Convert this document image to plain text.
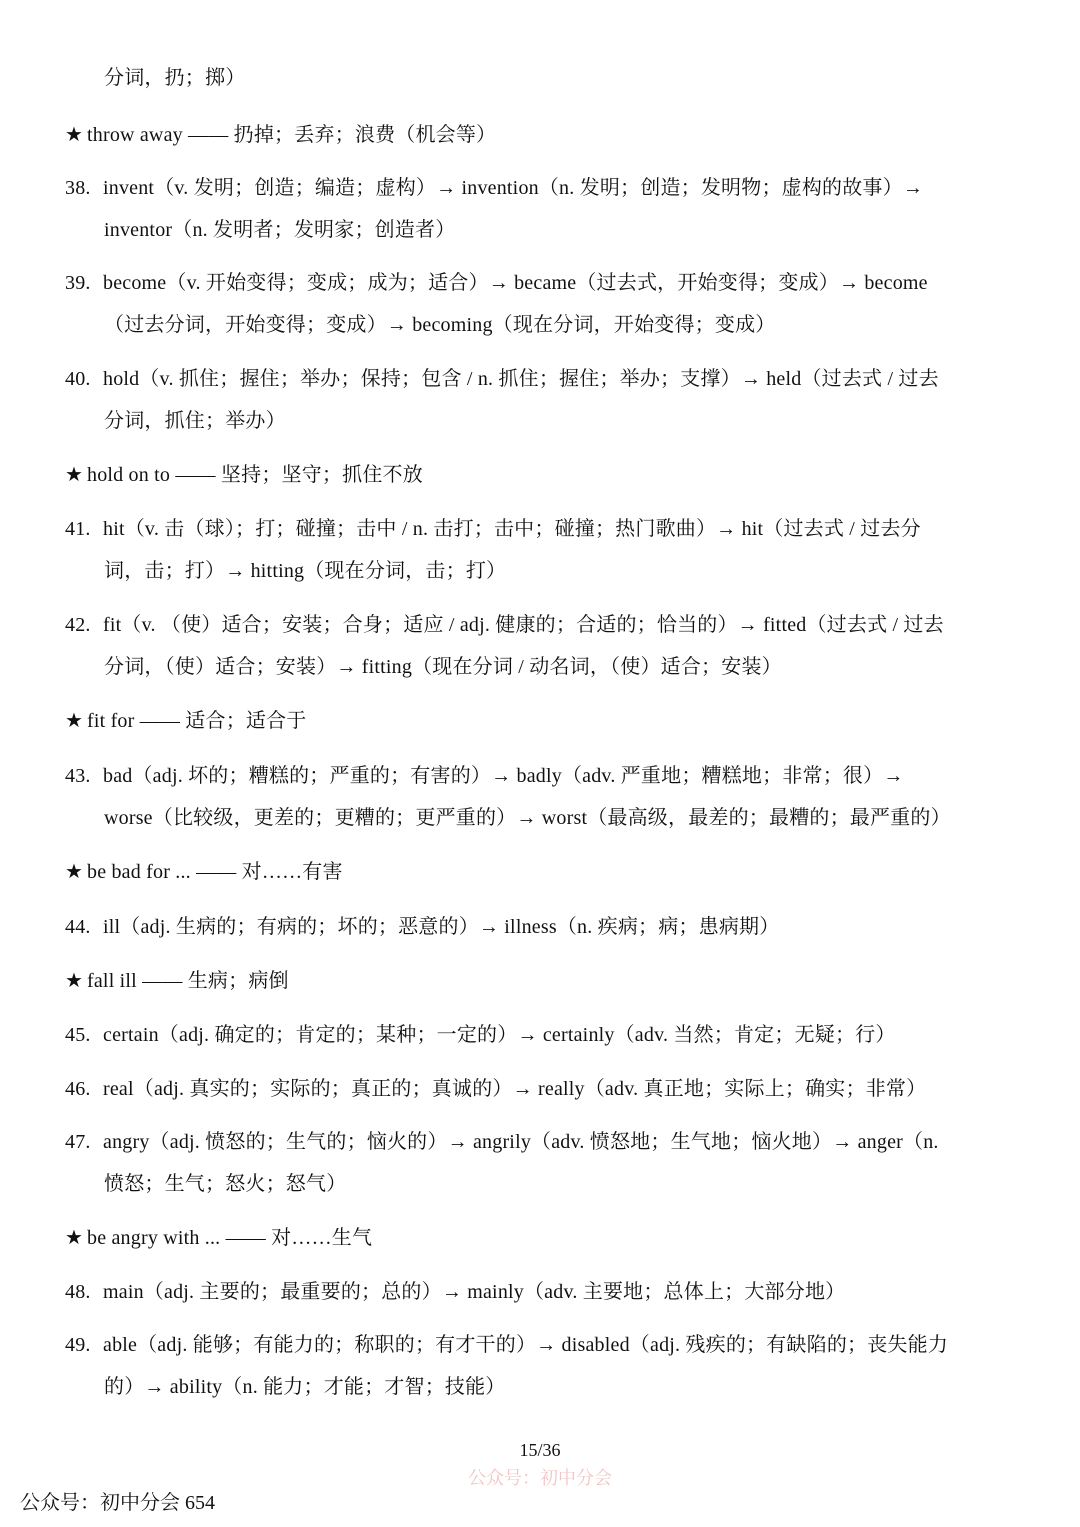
分词，扔；掷）
★ throw away —— 扔掉；丢弃；浪费（机会等）
38. invent（v. 发明；创造；编造；虚构）→ invention（n. 发明；创造；发明物；虚构的故事）→
inventor（n. 发明者；发明家；创造者）
39. become（v. 开始变得；变成；成为；适合）→ became（过去式，开始变得；变成）→ become
（过去分词，开始变得；变成）→ becoming（现在分词，开始变得；变成）
40. hold（v. 抓住；握住；举办；保持；包含 / n. 抓住；握住；举办；支撑）→ held（过去式 / 过去
分词，抓住；举办）
★ hold on to —— 坚持；坚守；抓住不放
41. hit（v. 击（球）；打；碰撞；击中 / n. 击打；击中；碰撞；热门歌曲）→ hit（过去式 / 过去分
词，击；打）→ hitting（现在分词，击；打）
42. fit（v. （使）适合；安装；合身；适应 / adj. 健康的；合适的；恰当的）→ fitted（过去式 / 过去
分词，（使）适合；安装）→ fitting（现在分词 / 动名词，（使）适合；安装）
★ fit for —— 适合；适合于
43. bad（adj. 坏的；糟糕的；严重的；有害的）→ badly（adv. 严重地；糟糕地；非常；很）→
worse（比较级，更差的；更糟的；更严重的）→ worst（最高级，最差的；最糟的；最严重的）
★ be bad for ... —— 对……有害
44. ill（adj. 生病的；有病的；坏的；恶意的）→ illness（n. 疾病；病；患病期）
★ fall ill —— 生病；病倒
45. certain（adj. 确定的；肯定的；某种；一定的）→ certainly（adv. 当然；肯定；无疑；行）
46. real（adj. 真实的；实际的；真正的；真诚的）→ really（adv. 真正地；实际上；确实；非常）
47. angry（adj. 愤怒的；生气的；恼火的）→ angrily（adv. 愤怒地；生气地；恼火地）→ anger（n.
愤怒；生气；怒火；怒气）
★ be angry with ... —— 对……生气
48. main（adj. 主要的；最重要的；总的）→ mainly（adv. 主要地；总体上；大部分地）
49. able（adj. 能够；有能力的；称职的；有才干的）→ disabled（adj. 残疾的；有缺陷的；丧失能力
的）→ ability（n. 能力；才能；才智；技能）
15/36
公众号：初中分会
公众号：初中分会 654
